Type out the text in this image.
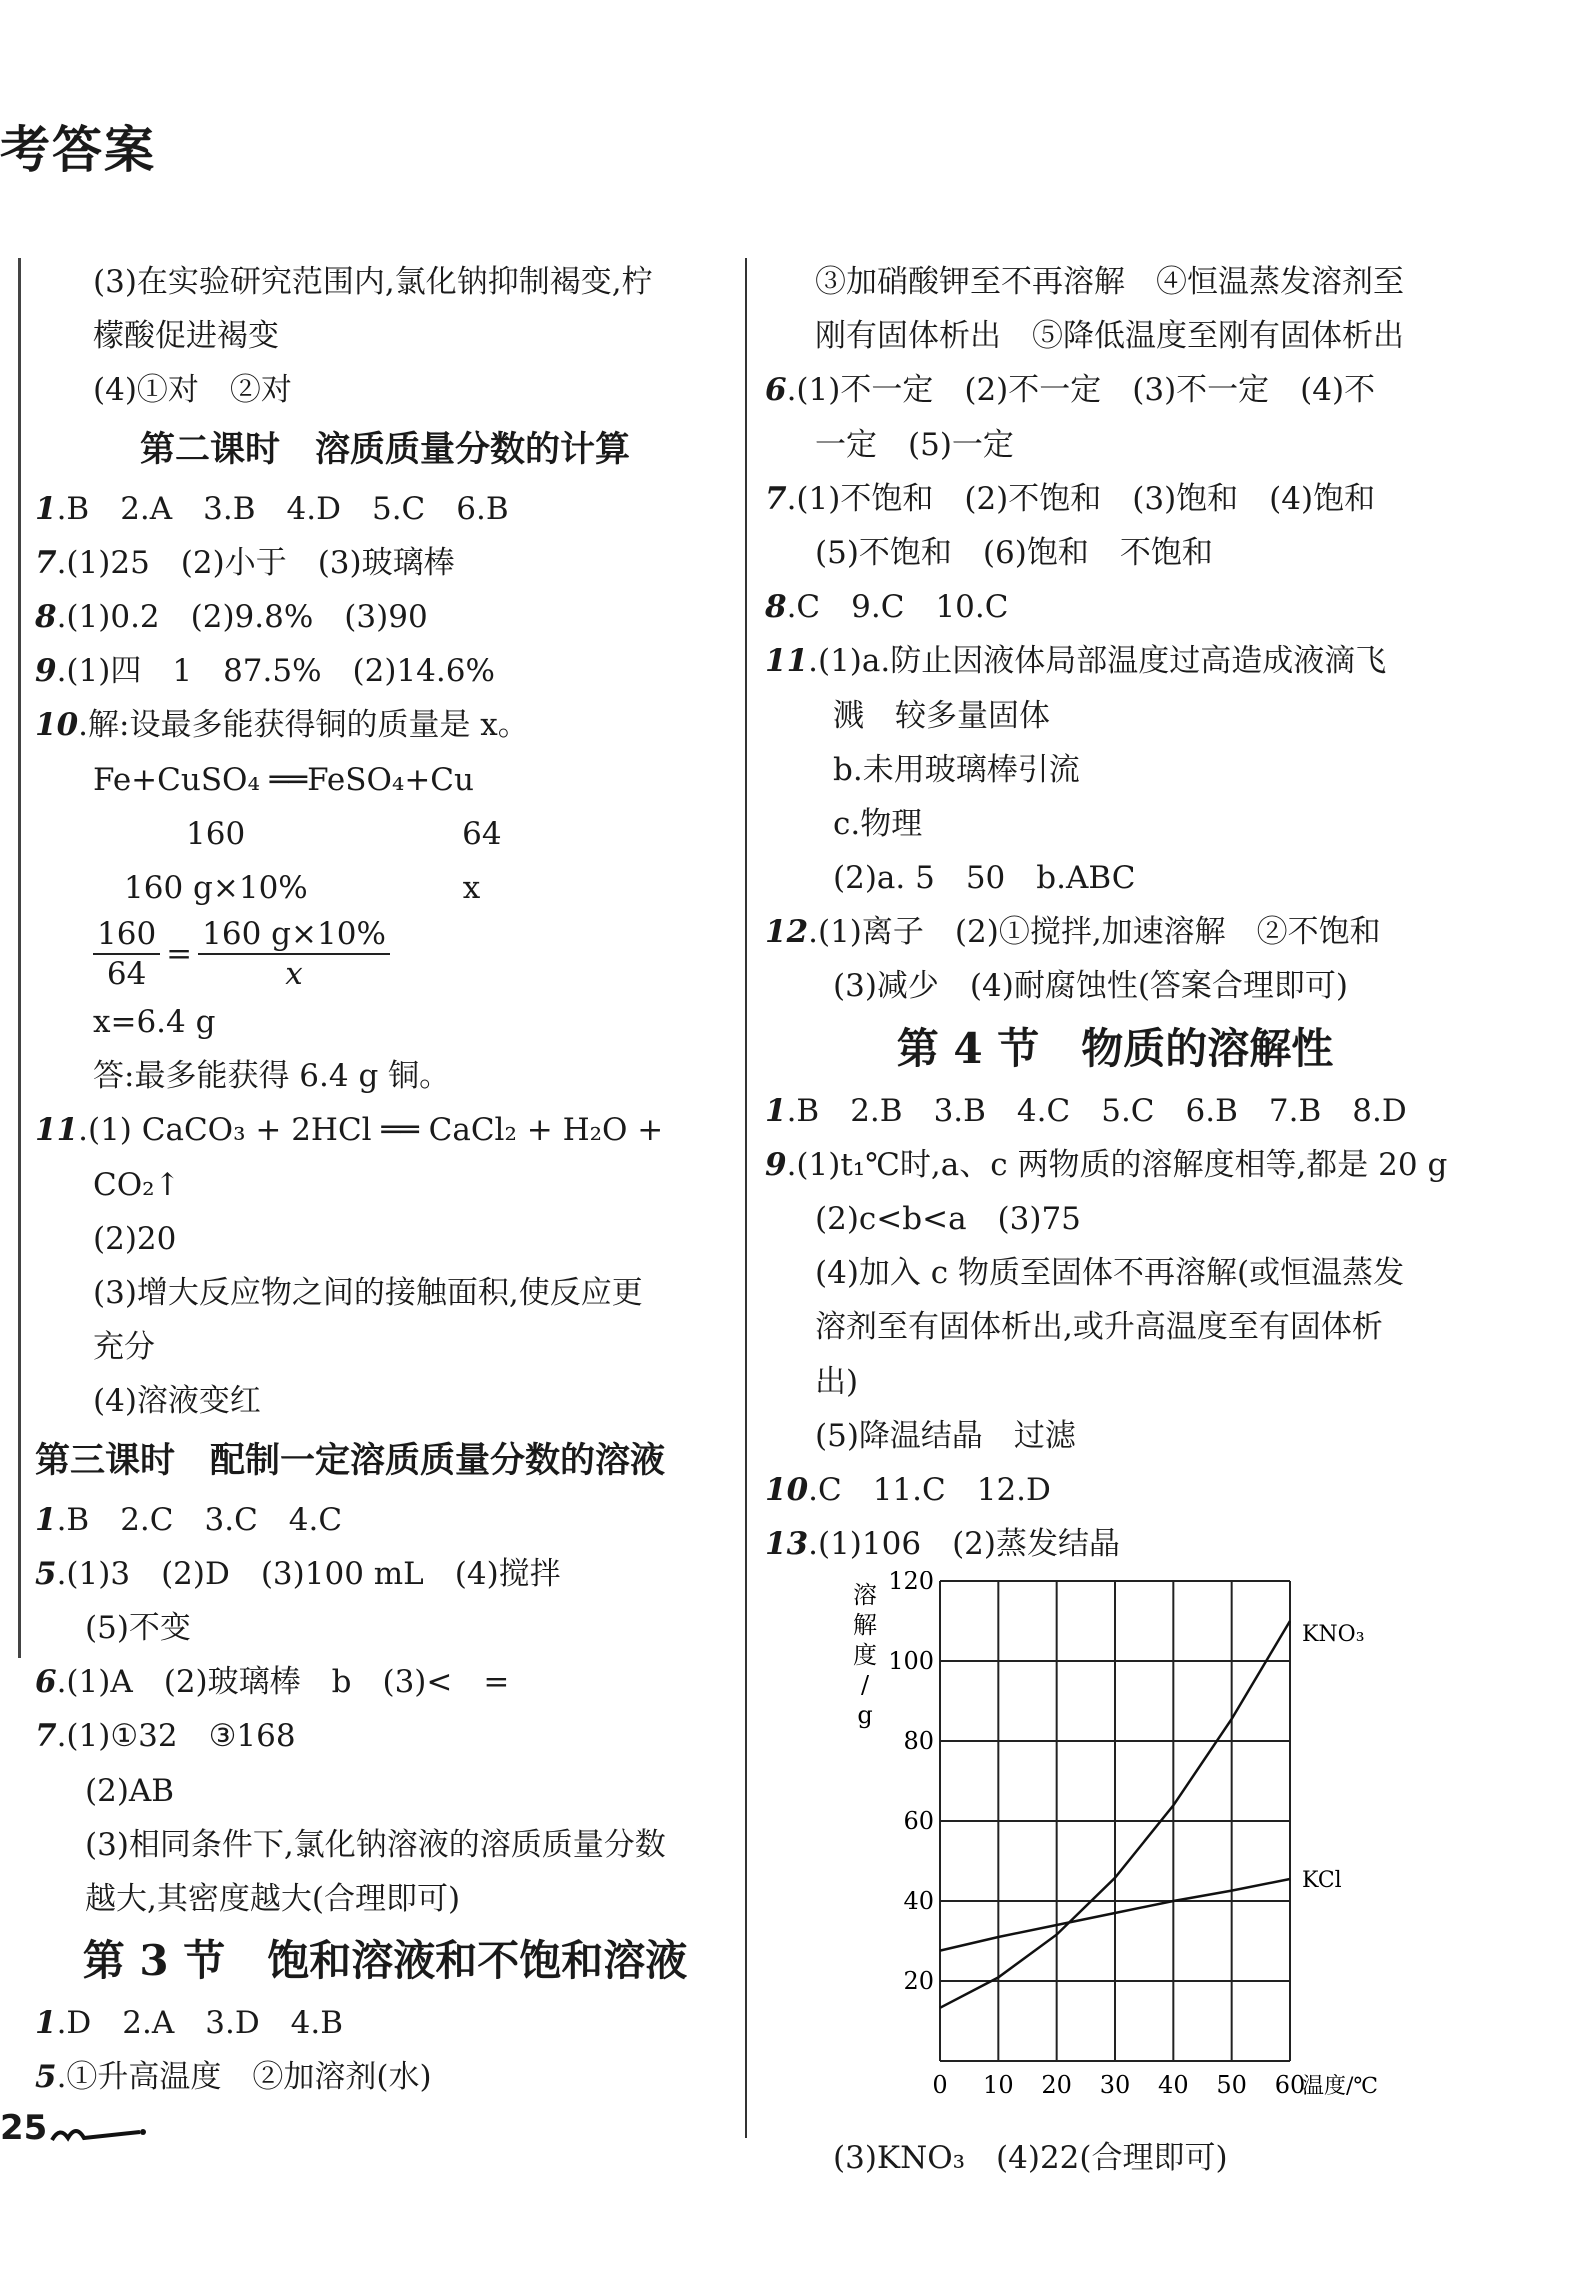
考答案
(3)在实验研究范围内,氯化钠抑制褐变,柠
檬酸促进褐变
(4)①对　②对
第二课时　溶质质量分数的计算
1.B　2.A　3.B　4.D　5.C　6.B
7.(1)25　(2)小于　(3)玻璃棒
8.(1)0.2　(2)9.8%　(3)90
9.(1)四　1　87.5%　(2)14.6%
10.解:设最多能获得铜的质量是 x。
Fe+CuSO₄ ══FeSO₄+Cu
　　　160　　　　　　　64
　160 g×10%　　　　　x
$\frac{160}{64} = \frac{160 g\times 10\%}{x}$
x=6.4 g
答:最多能获得 6.4 g 铜。
11.(1) CaCO₃ + 2HCl ══ CaCl₂ + H₂O +
CO₂↑
(2)20
(3)增大反应物之间的接触面积,使反应更
充分
(4)溶液变红
第三课时　配制一定溶质质量分数的溶液
1.B　2.C　3.C　4.C
5.(1)3　(2)D　(3)100 mL　(4)搅拌
(5)不变
6.(1)A　(2)玻璃棒　b　(3)<　=
7.(1)①32　③168
(2)AB
(3)相同条件下,氯化钠溶液的溶质质量分数
越大,其密度越大(合理即可)
第 3 节　饱和溶液和不饱和溶液
1.D　2.A　3.D　4.B
5.①升高温度　②加溶剂(水)
③加硝酸钾至不再溶解　④恒温蒸发溶剂至
刚有固体析出　⑤降低温度至刚有固体析出
6.(1)不一定　(2)不一定　(3)不一定　(4)不
一定　(5)一定
7.(1)不饱和　(2)不饱和　(3)饱和　(4)饱和
(5)不饱和　(6)饱和　不饱和
8.C　9.C　10.C
11.(1)a.防止因液体局部温度过高造成液滴飞
溅　较多量固体
b.未用玻璃棒引流
c.物理
(2)a. 5　50　b.ABC
12.(1)离子　(2)①搅拌,加速溶解　②不饱和
(3)减少　(4)耐腐蚀性(答案合理即可)
第 4 节　物质的溶解性
1.B　2.B　3.B　4.C　5.C　6.B　7.B　8.D
9.(1)t₁℃时,a、c 两物质的溶解度相等,都是 20 g
(2)c<b<a　(3)75
(4)加入 c 物质至固体不再溶解(或恒温蒸发
溶剂至有固体析出,或升高温度至有固体析
出)
(5)降温结晶　过滤
10.C　11.C　12.D
13.(1)106　(2)蒸发结晶
0 10 20 30 40 50 60
20
40
60
80
100
120
溶
解
度
/
g
温度/℃
KNO₃
KCl
(3)KNO₃　(4)22(合理即可)
25
